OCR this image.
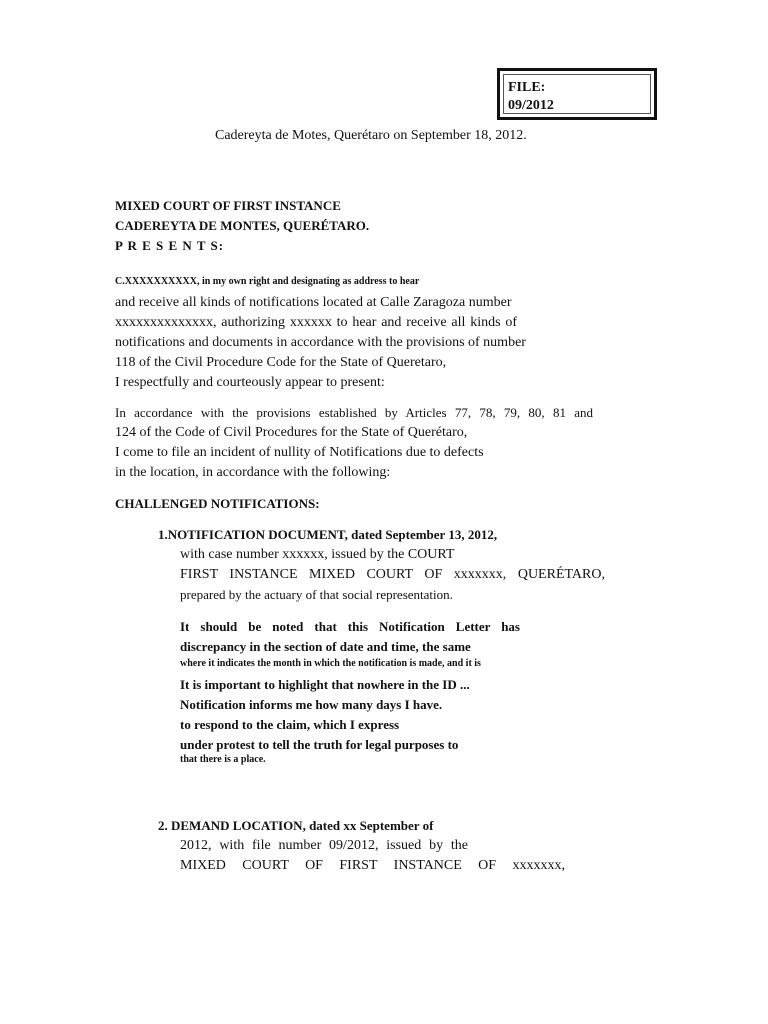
FILE:
09/2012

Cadereyta de Motes, Querétaro on September 18, 2012.

MIXED COURT OF FIRST INSTANCE

CADEREYTA DE MONTES, QUERÉTARO.

P R E S E N T S:

C.XXXXXXXXXX, in my own right and designating as address to hear

and receive all kinds of notifications located at Calle Zaragoza number

xxxxxxxxxxxxxx, authorizing xxxxxx to hear and receive all kinds of

notifications and documents in accordance with the provisions of number

118 of the Civil Procedure Code for the State of Queretaro,

I respectfully and courteously appear to present:

In accordance with the provisions established by Articles 77, 78, 79, 80, 81 and

124 of the Code of Civil Procedures for the State of Querétaro,

I come to file an incident of nullity of Notifications due to defects

in the location, in accordance with the following:

CHALLENGED NOTIFICATIONS:

1.NOTIFICATION DOCUMENT, dated September 13, 2012,

with case number xxxxxx, issued by the COURT

FIRST INSTANCE MIXED COURT OF xxxxxxx, QUERÉTARO,

prepared by the actuary of that social representation.

It should be noted that this Notification Letter has

discrepancy in the section of date and time, the same

where it indicates the month in which the notification is made, and it is

It is important to highlight that nowhere in the ID ...

Notification informs me how many days I have.

to respond to the claim, which I express

under protest to tell the truth for legal purposes to

that there is a place.

2. DEMAND LOCATION, dated xx September of

2012, with file number 09/2012, issued by the

MIXED COURT OF FIRST INSTANCE OF xxxxxxx,
